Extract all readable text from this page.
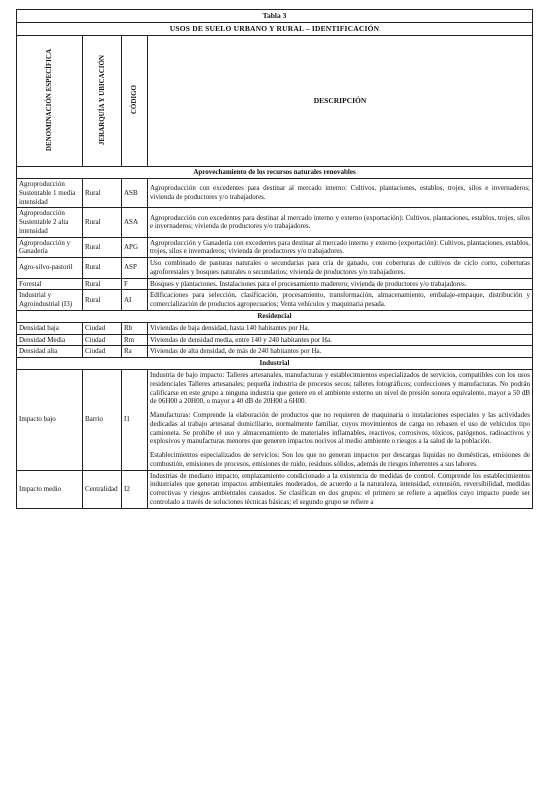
Tabla 3			
USOS DE SUELO URBANO Y RURAL – IDENTIFICACIÓN			
DENOMINACIÓN ESPECÍFICA	JERARQUÍA Y UBICACIÓN	CÓDIGO	DESCRIPCIÓN
Aprovechamiento de los recursos naturales renovables			
Agroproducción Sustentable 1 media intensidad	Rural	ASB	Agroproducción con excedentes para destinar al mercado interno: Cultivos, plantaciones, establos, trojes, silos e invernaderos; vivienda de productores y/o trabajadores.
Agroproducción Sustentable 2 alta intensidad	Rural	ASA	Agroproducción con excedentes para destinar al mercado interno y externo (exportación): Cultivos, plantaciones, establos, trojes, silos e invernaderos; vivienda de productores y/o trabajadores.
Agroproducción y Ganadería	Rural	APG	Agroproducción y Ganadería con excedentes para destinar al mercado interno y externo (exportación): Cultivos, plantaciones, establos, trojes, silos e invernaderos; vivienda de productores y/o trabajadores.
Agro-silvo-pastoril	Rural	ASP	Uso combinado de pasturas naturales o secundarias para cría de ganado, con coberturas de cultivos de ciclo corto, coberturas agroforestales y bosques naturales o secundarios; vivienda de productores y/o trabajadores.
Forestal	Rural	F	Bosques y plantaciones. Instalaciones para el procesamiento maderero; vivienda de productores y/o trabajadores.
Industrial y Agroindustrial (I3)	Rural	AI	Edificaciones para selección, clasificación, procesamiento, transformación, almacenamiento, embalaje-empaque, distribución y comercialización de productos agropecuarios; Venta vehículos y maquinaria pesada.
Residencial			
Densidad baja	Ciudad	Rb	Viviendas de baja densidad, hasta 140 habitantes por Ha.
Densidad Media	Ciudad	Rm	Viviendas de densidad media, entre 140 y 240 habitantes por Ha.
Densidad alta	Ciudad	Ra	Viviendas de alta densidad, de más de 240 habitantes por Ha.
Industrial			
Impacto bajo	Barrio	I1	Industria de bajo impacto: Talleres artesanales, manufacturas y establecimientos especializados de servicios, compatibles con los usos residenciales Talleres artesanales; pequeña industria de procesos secos; talleres fotográficos; confecciones y manufacturas. No podrán calificarse en este grupo a ninguna industria que genere en el ambiente externo un nivel de presión sonora equivalente, mayor a 50 dB de 06H00 a 20H00, o mayor a 40 dB de 20H00 a 6H00.

Manufacturas: Comprende la elaboración de productos que no requieren de maquinaria o instalaciones especiales y las actividades dedicadas al trabajo artesanal domiciliario, normalmente familiar, cuyos movimientos de carga no rebasen el uso de vehículos tipo camioneta. Se prohíbe el uso y almacenamiento de materiales inflamables, reactivos, corrosivos, tóxicos, patógenos, radioactivos y explosivos y manufacturas menores que generen impactos nocivos al medio ambiente o riesgos a la salud de la población.

Establecimientos especializados de servicios: Son los que no generan impactos por descargas líquidas no domésticas, emisiones de combustión, emisiones de procesos, emisiones de ruido, residuos sólidos, además de riesgos inherentes a sus labores.

Impacto medio	Centralidad	I2	Industrias de mediano impacto, emplazamiento condicionado a la existencia de medidas de control. Comprende los establecimientos industriales que generan impactos ambientales moderados, de acuerdo a la naturaleza, intensidad, extensión, reversibilidad, medidas correctivas y riesgos ambientales causados. Se clasifican en dos grupos: el primero se refiere a aquellos cuyo impacto puede ser controlado a través de soluciones técnicas básicas; el segundo grupo se refiere a
